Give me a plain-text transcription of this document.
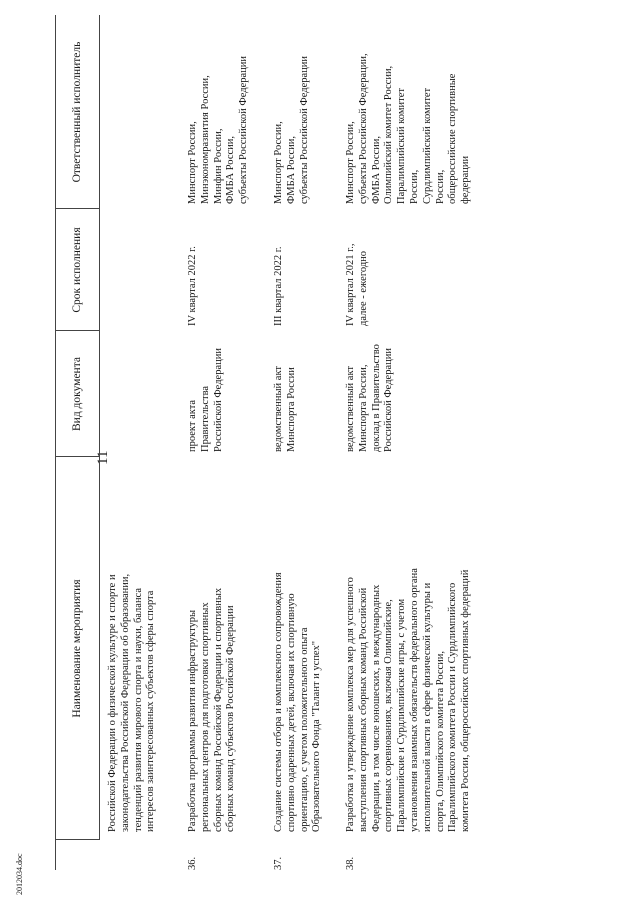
2012034.doc
11
Наименование мероприятия
Вид документа
Срок исполнения
Ответственный исполнитель
Российской Федерации о физической культуре и спорте и
законодательства Российской Федерации об образовании,
тенденций развития мирового спорта и науки, баланса
интересов заинтересованных субъектов сферы спорта
36.
Разработка программы развития инфраструктуры
региональных центров для подготовки спортивных
сборных команд Российской Федерации и спортивных
сборных команд субъектов Российской Федерации
проект акта Правительства
Российской Федерации
IV квартал 2022 г.
Минспорт России,
Минэкономразвития России,
Минфин России,
ФМБА России,
субъекты Российской Федерации
37.
Создание системы отбора и комплексного сопровождения
спортивно одаренных детей, включая их спортивную
ориентацию, с учетом положительного опыта
Образовательного Фонда "Талант и успех"
ведомственный акт
Минспорта России
III квартал 2022 г.
Минспорт России,
ФМБА России,
субъекты Российской Федерации
38.
Разработка и утверждение комплекса мер для успешного
выступления спортивных сборных команд Российской
Федерации, в том числе юношеских, в международных
спортивных соревнованиях, включая Олимпийские,
Паралимпийские и Сурдлимпийские игры, с учетом
установления взаимных обязательств федерального органа
исполнительной власти в сфере физической культуры и
спорта, Олимпийского комитета России,
Паралимпийского комитета России и Сурдлимпийского
комитета России, общероссийских спортивных федераций
ведомственный акт
Минспорта России,
доклад в Правительство
Российской Федерации
IV квартал 2021 г.,
далее - ежегодно
Минспорт России,
субъекты Российской Федерации,
ФМБА России,
Олимпийский комитет России,
Паралимпийский комитет
России,
Сурдлимпийский комитет
России,
общероссийские спортивные
федерации
